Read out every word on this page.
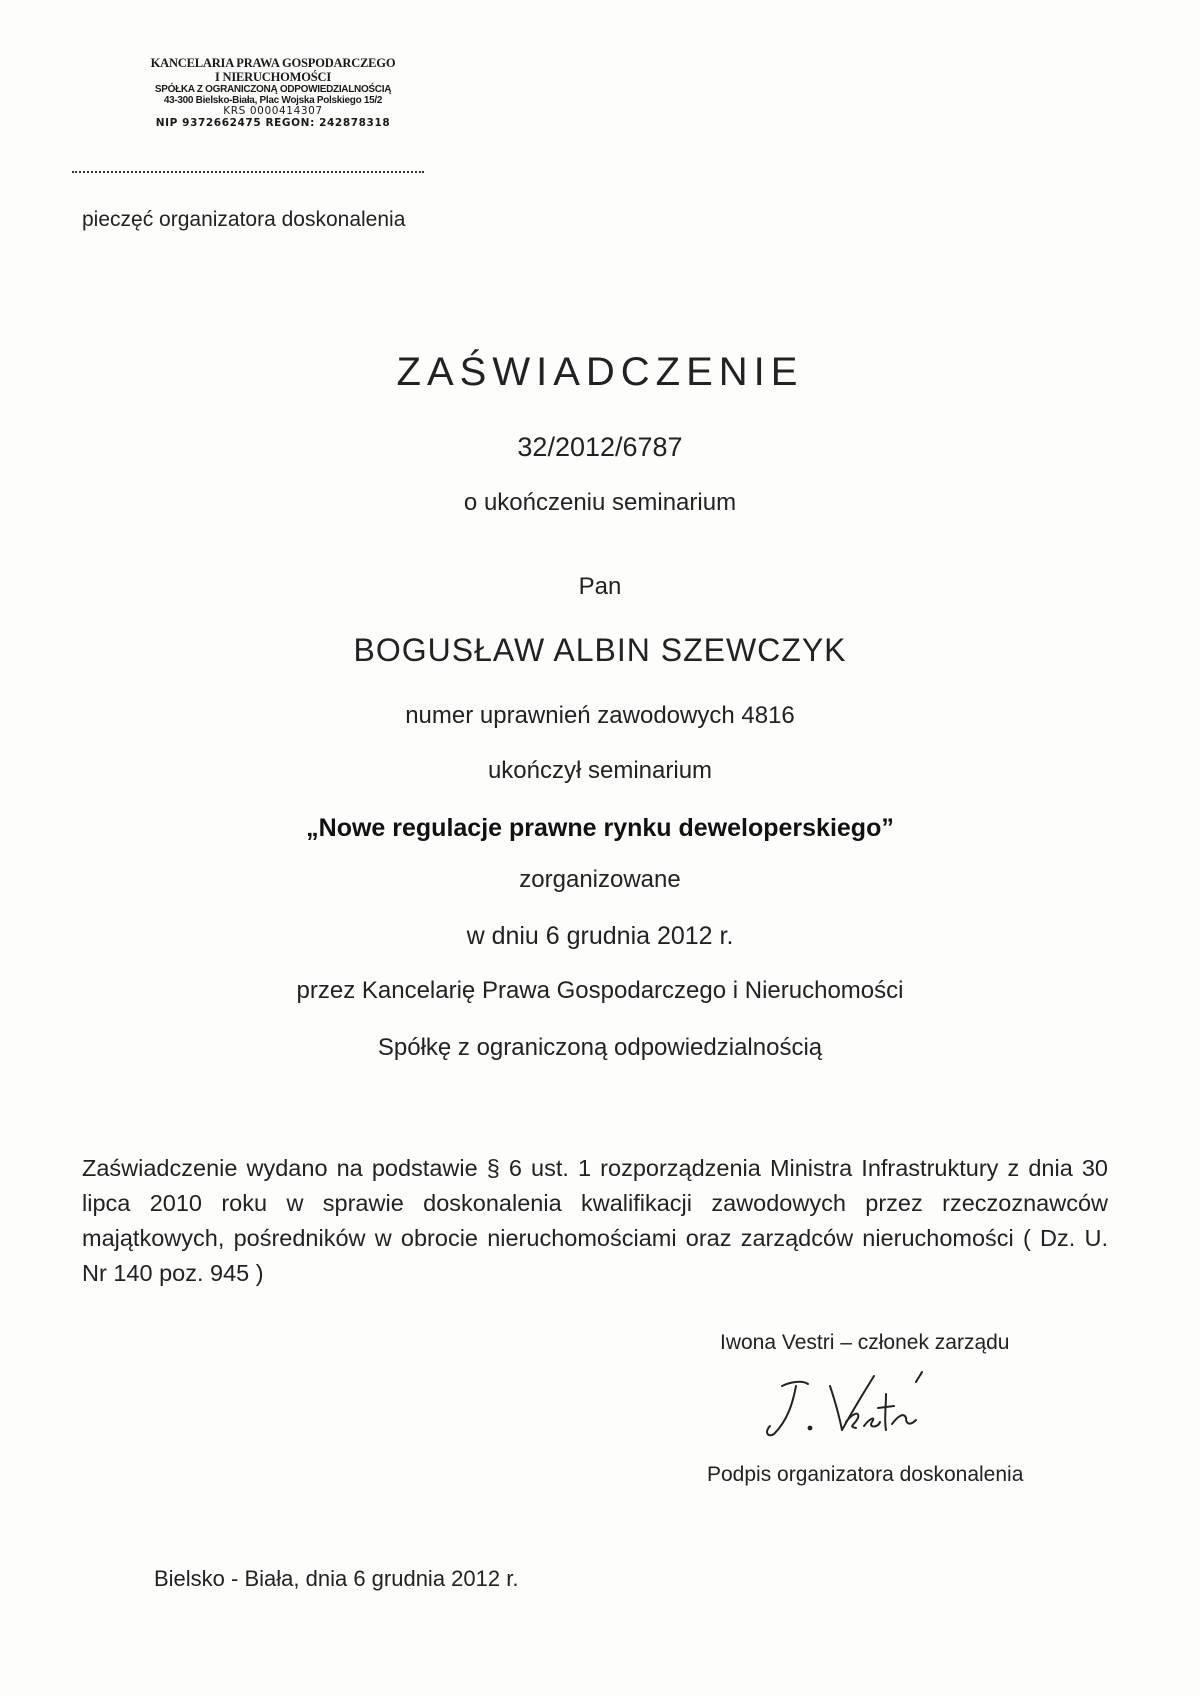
KANCELARIA PRAWA GOSPODARCZEGO
I NIERUCHOMOŚCI
SPÓŁKA Z OGRANICZONĄ ODPOWIEDZIALNOŚCIĄ
43-300 Bielsko-Biała, Plac Wojska Polskiego 15/2
KRS 0000414307
NIP 9372662475 REGON: 242878318
pieczęć organizatora doskonalenia
ZAŚWIADCZENIE
32/2012/6787
o ukończeniu seminarium
Pan
BOGUSŁAW ALBIN SZEWCZYK
numer uprawnień zawodowych 4816
ukończył seminarium
„Nowe regulacje prawne rynku deweloperskiego”
zorganizowane
w dniu 6 grudnia 2012 r.
przez Kancelarię Prawa Gospodarczego i Nieruchomości
Spółkę z ograniczoną odpowiedzialnością
Zaświadczenie wydano na podstawie § 6 ust. 1 rozporządzenia Ministra Infrastruktury z dnia 30 lipca 2010 roku w sprawie doskonalenia kwalifikacji zawodowych przez rzeczoznawców majątkowych, pośredników w obrocie nieruchomościami oraz zarządców nieruchomości ( Dz. U. Nr 140 poz. 945 )
Iwona Vestri – członek zarządu
Podpis organizatora doskonalenia
Bielsko - Biała, dnia 6 grudnia 2012 r.
